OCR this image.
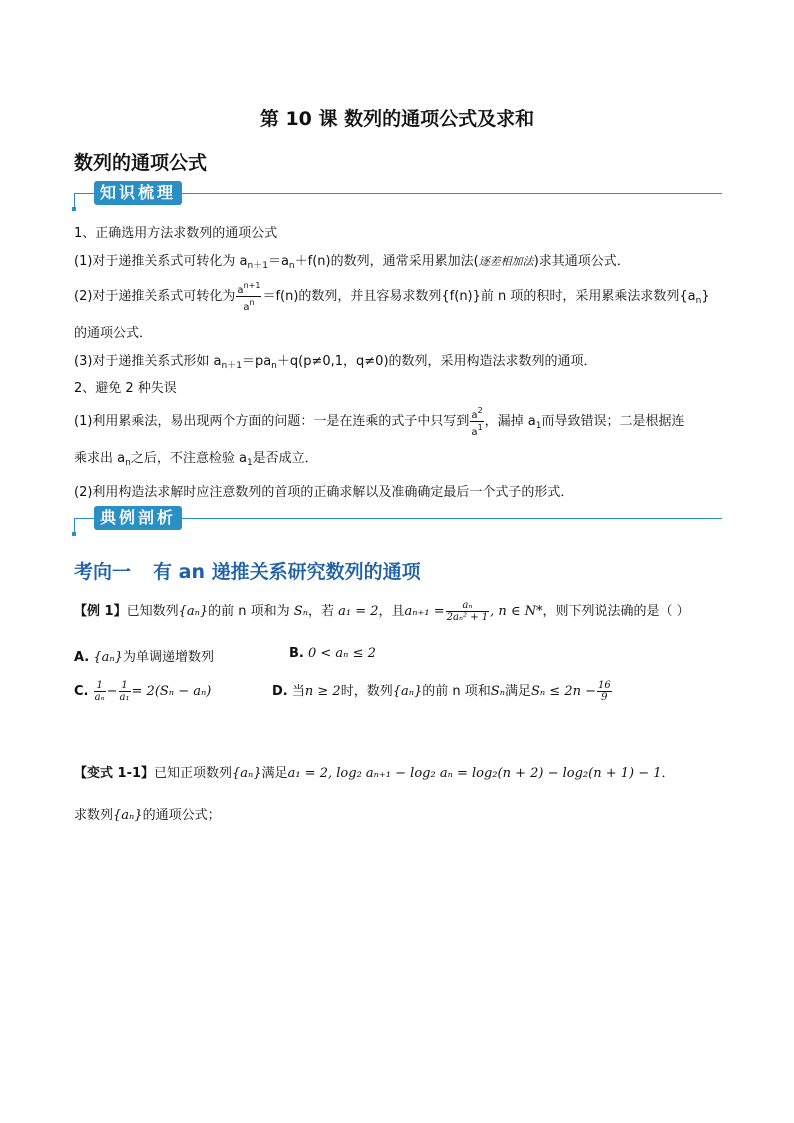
第 10 课 数列的通项公式及求和
数列的通项公式
知识梳理
1、正确选用方法求数列的通项公式
(1)对于递推关系式可转化为 $a_{n+1}=a_n+f(n)$的数列，通常采用累加法(逐差相加法)求其通项公式．
(2)对于递推关系式可转化为 $\frac{a^{n+1}}{a^n} =f(n)$的数列，并且容易求数列{f(n)}前 n 项的积时，采用累乘法求数列$\{a_n\}$
的通项公式．
(3)对于递推关系式形如 $a_{n+1}=pa_n+q(p\ne 0,1$，q≠0)的数列，采用构造法求数列的通项．
2、避免 2 种失误
(1)利用累乘法，易出现两个方面的问题：一是在连乘的式子中只写到 $\frac{a^2}{a^1}$ ，漏掉 $a_1$而导致错误；二是根据连
乘求出 $a_n$之后，不注意检验 $a_1$是否成立．
(2)利用构造法求解时应注意数列的首项的正确求解以及准确确定最后一个式子的形式．
典例剖析
考向一 有 an 递推关系研究数列的通项
【例 1】已知数列{aₙ}的前 n 项和为 Sₙ，若 a₁ = 2，且$a_{n+1} = \frac{\text{aₙ}}{\text{2aₙ² + 1}}$ , n ∈ N*，则下列说法确的是（ ）
A. {aₙ}为单调递增数列	B. 0 < aₙ ≤ 2
C. $\frac{1}{\text{aₙ}} - \frac{1}{\text{a₁}} = 2(S_n - a_n)$	D. 当n ≥ 2时，数列{aₙ}的前 n 项和Sₙ满足$S_n \le 2n - \frac{16}{9}$
【变式 1-1】已知正项数列{aₙ}满足a₁ = 2, log₂ aₙ₊₁ − log₂ aₙ = log₂(n + 2) − log₂(n + 1) − 1．
求数列{aₙ}的通项公式；
